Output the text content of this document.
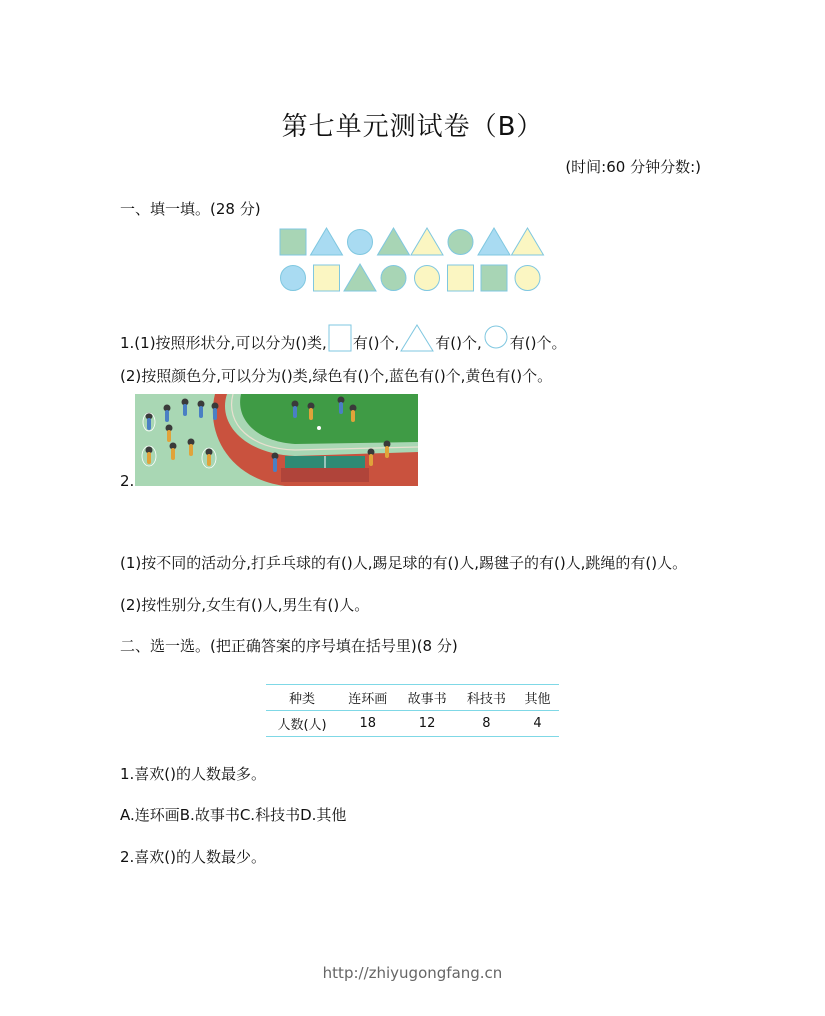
第七单元测试卷（B）
(时间:60 分钟分数:)
一、填一填。(28 分)
1.(1)按照形状分,可以分为()类, 有()个, 有()个, 有()个。
(2)按照颜色分,可以分为()类,绿色有()个,蓝色有()个,黄色有()个。
2.
(1)按不同的活动分,打乒乓球的有()人,踢足球的有()人,踢毽子的有()人,跳绳的有()人。
(2)按性别分,女生有()人,男生有()人。
二、选一选。(把正确答案的序号填在括号里)(8 分)
种类	连环画	故事书	科技书	其他
人数(人)	18	12	8	4
1.喜欢()的人数最多。
A.连环画B.故事书C.科技书D.其他
2.喜欢()的人数最少。
http://zhiyugongfang.cn
